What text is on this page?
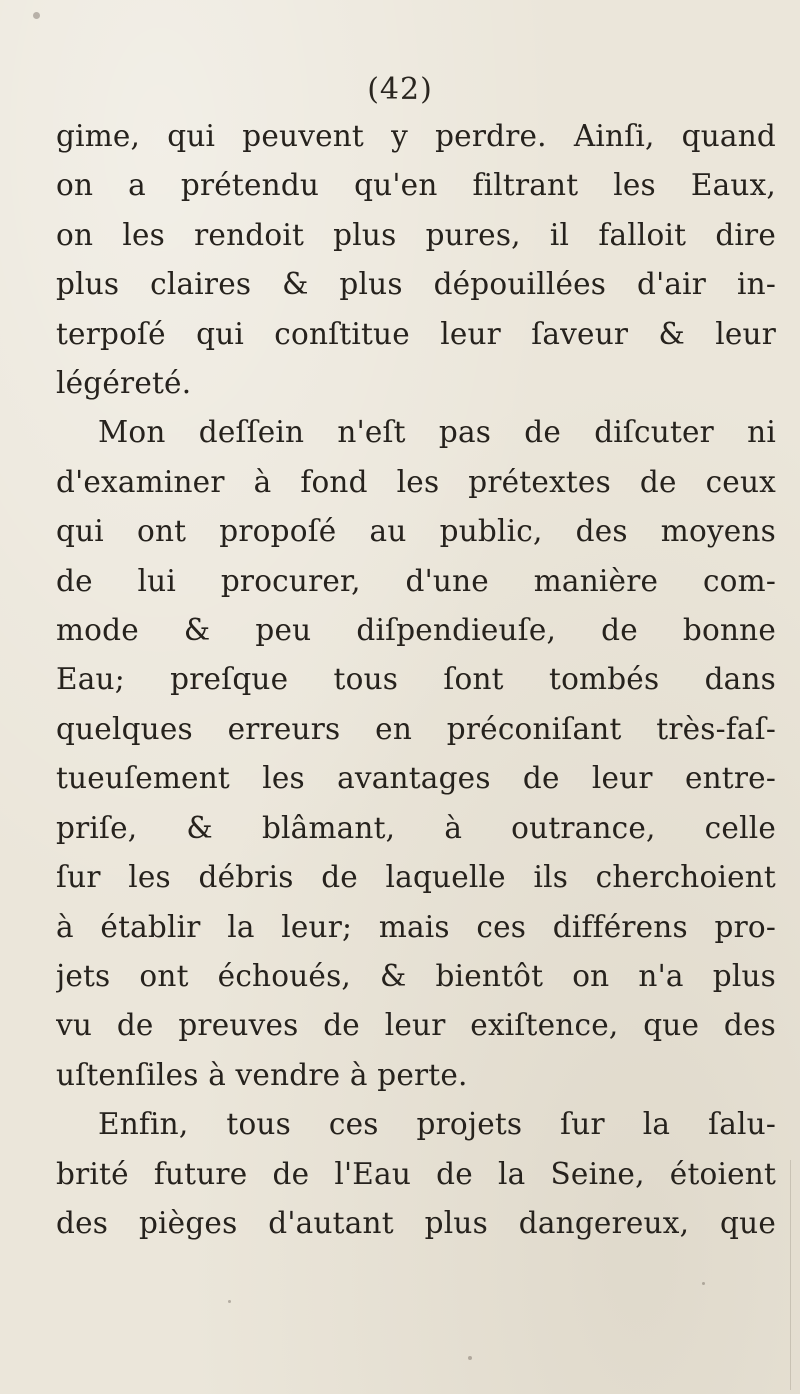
(42)
gime, qui peuvent y perdre. Ainſi, quand
on a prétendu qu'en filtrant les Eaux,
on les rendoit plus pures, il falloit dire
plus claires & plus dépouillées d'air in-
terpoſé qui conſtitue leur ſaveur & leur
légéreté.
Mon deſſein n'eſt pas de diſcuter ni
d'examiner à fond les prétextes de ceux
qui ont propoſé au public, des moyens
de lui procurer, d'une manière com-
mode & peu diſpendieuſe, de bonne
Eau; preſque tous ſont tombés dans
quelques erreurs en préconiſant très-faſ-
tueuſement les avantages de leur entre-
priſe, & blâmant, à outrance, celle
ſur les débris de laquelle ils cherchoient
à établir la leur; mais ces différens pro-
jets ont échoués, & bientôt on n'a plus
vu de preuves de leur exiſtence, que des
uſtenſiles à vendre à perte.
Enfin, tous ces projets ſur la ſalu-
brité future de l'Eau de la Seine, étoient
des pièges d'autant plus dangereux, que
